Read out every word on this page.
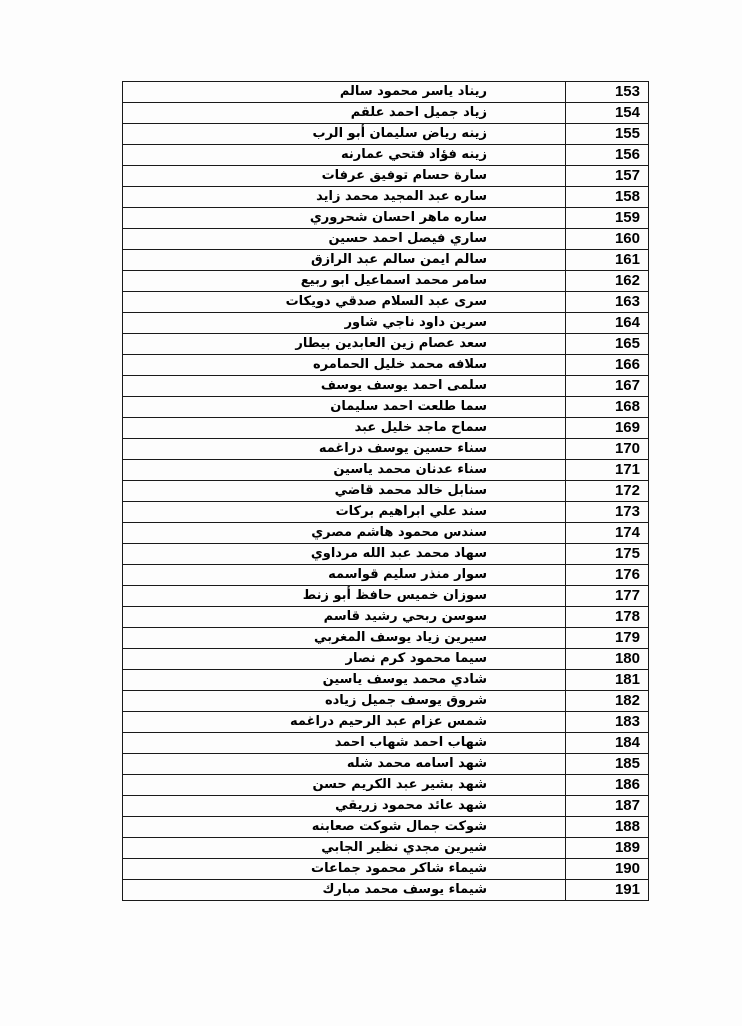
ريناد ياسر محمود سالم	153
زياد جميل احمد علقم	154
زينه رياض سليمان أبو الرب	155
زينه فؤاد فتحي عمارنه	156
سارة حسام توفيق عرفات	157
ساره عبد المجيد محمد زايد	158
ساره ماهر احسان شحروري	159
ساري فيصل احمد حسين	160
سالم ايمن سالم عبد الرازق	161
سامر محمد اسماعيل ابو ربيع	162
سرى عبد السلام صدقي دويكات	163
سرين داود ناجي شاور	164
سعد عصام زين العابدين بيطار	165
سلافه محمد خليل الحمامره	166
سلمى احمد يوسف يوسف	167
سما طلعت احمد سليمان	168
سماح ماجد خليل عبد	169
سناء حسين يوسف دراغمه	170
سناء عدنان محمد ياسين	171
سنابل خالد محمد قاضي	172
سند علي ابراهيم بركات	173
سندس محمود هاشم مصري	174
سهاد محمد عبد الله مرداوي	175
سوار منذر سليم قواسمه	176
سوزان خميس حافظ أبو زنط	177
سوسن ربحي رشيد قاسم	178
سيرين زياد يوسف المغربي	179
سيما محمود كرم نصار	180
شادي محمد يوسف ياسين	181
شروق يوسف جميل زياده	182
شمس عزام عبد الرحيم دراغمه	183
شهاب احمد شهاب احمد	184
شهد اسامه محمد شله	185
شهد بشير عبد الكريم حسن	186
شهد عائد محمود زريقي	187
شوكت جمال شوكت صعابنه	188
شيرين مجدي نظير الجابي	189
شيماء شاكر محمود جماعات	190
شيماء يوسف محمد مبارك	191
